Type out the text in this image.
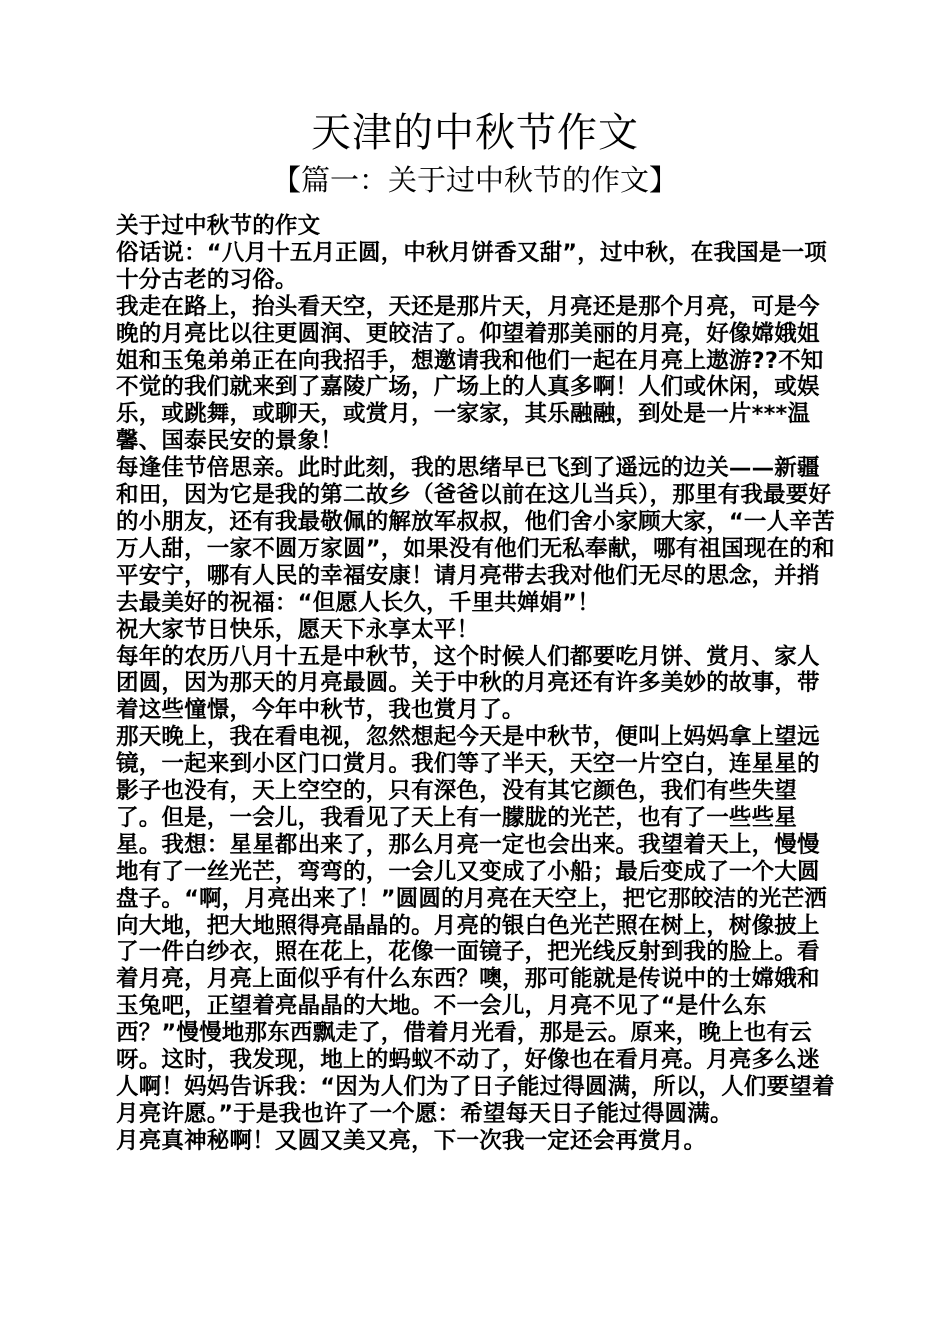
天津的中秋节作文
【篇一：关于过中秋节的作文】

关于过中秋节的作文

俗话说：“八月十五月正圆，中秋月饼香又甜”，过中秋，在我国是一项十分古老的习俗。

我走在路上，抬头看天空，天还是那片天，月亮还是那个月亮，可是今晚的月亮比以往更圆润、更皎洁了。仰望着那美丽的月亮，好像嫦娥姐姐和玉兔弟弟正在向我招手，想邀请我和他们一起在月亮上遨游??不知不觉的我们就来到了嘉陵广场，广场上的人真多啊！人们或休闲，或娱乐，或跳舞，或聊天，或赏月，一家家，其乐融融，到处是一片***温馨、国泰民安的景象！

每逢佳节倍思亲。此时此刻，我的思绪早已飞到了遥远的边关——新疆和田，因为它是我的第二故乡（爸爸以前在这儿当兵），那里有我最要好的小朋友，还有我最敬佩的解放军叔叔，他们舍小家顾大家，“一人辛苦万人甜，一家不圆万家圆”，如果没有他们无私奉献，哪有祖国现在的和平安宁，哪有人民的幸福安康！请月亮带去我对他们无尽的思念，并捎去最美好的祝福：“但愿人长久，千里共婵娟”！

祝大家节日快乐，愿天下永享太平！

每年的农历八月十五是中秋节，这个时候人们都要吃月饼、赏月、家人团圆，因为那天的月亮最圆。关于中秋的月亮还有许多美妙的故事，带着这些憧憬，今年中秋节，我也赏月了。

那天晚上，我在看电视，忽然想起今天是中秋节，便叫上妈妈拿上望远镜，一起来到小区门口赏月。我们等了半天，天空一片空白，连星星的影子也没有，天上空空的，只有深色，没有其它颜色，我们有些失望了。但是，一会儿，我看见了天上有一朦胧的光芒，也有了一些些星星。我想：星星都出来了，那么月亮一定也会出来。我望着天上，慢慢地有了一丝光芒，弯弯的，一会儿又变成了小船；最后变成了一个大圆盘子。“啊，月亮出来了！”圆圆的月亮在天空上，把它那皎洁的光芒洒向大地，把大地照得亮晶晶的。月亮的银白色光芒照在树上，树像披上了一件白纱衣，照在花上，花像一面镜子，把光线反射到我的脸上。看着月亮，月亮上面似乎有什么东西？噢，那可能就是传说中的士嫦娥和玉兔吧，正望着亮晶晶的大地。不一会儿，月亮不见了“是什么东西？”慢慢地那东西飘走了，借着月光看，那是云。原来，晚上也有云呀。这时，我发现，地上的蚂蚁不动了，好像也在看月亮。月亮多么迷人啊！妈妈告诉我：“因为人们为了日子能过得圆满，所以，人们要望着月亮许愿。”于是我也许了一个愿：希望每天日子能过得圆满。

月亮真神秘啊！又圆又美又亮，下一次我一定还会再赏月。
